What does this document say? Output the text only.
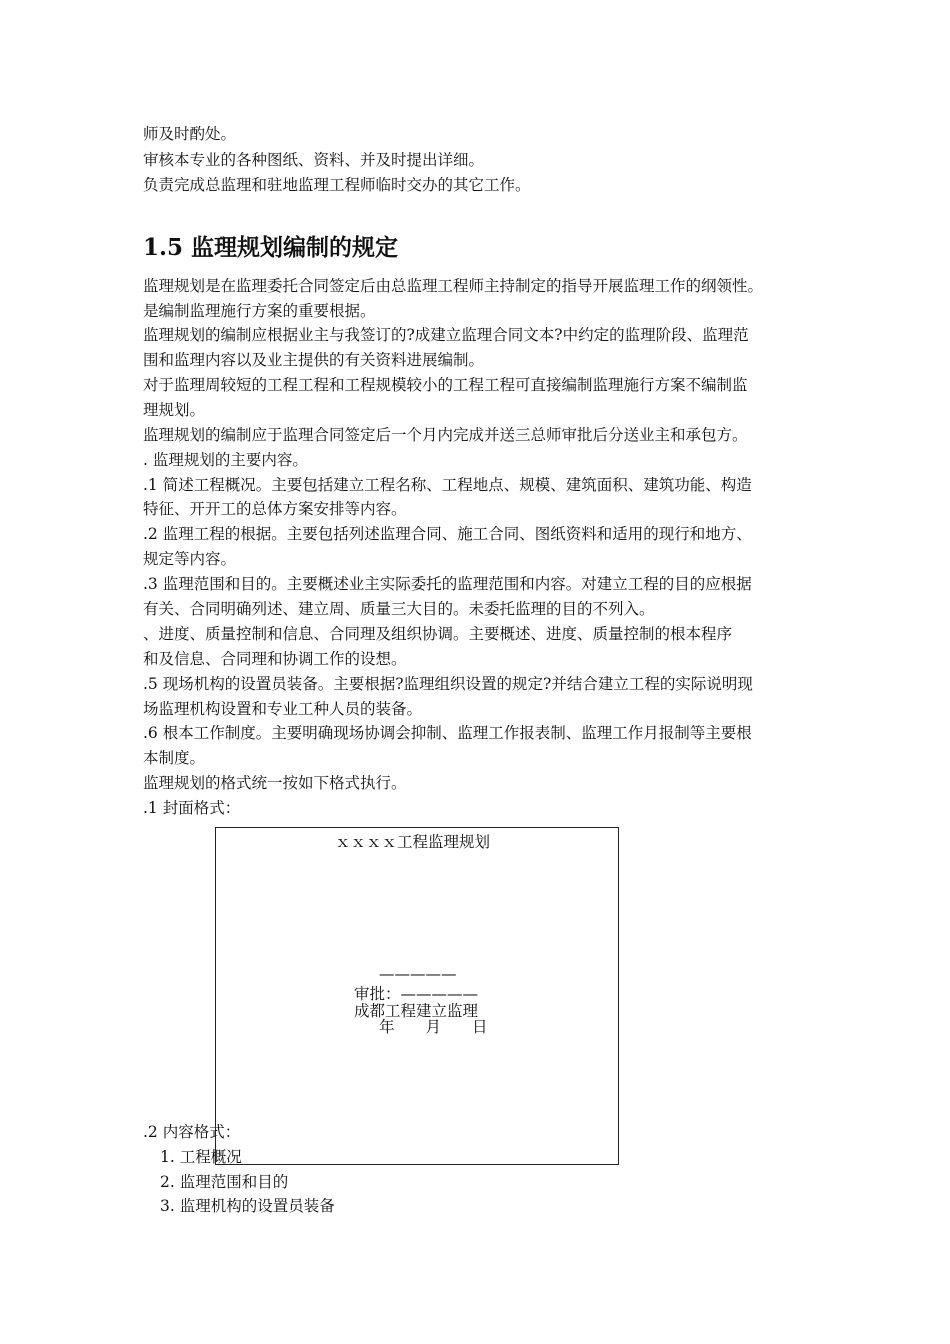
师及时酌处。
审核本专业的各种图纸、资料、并及时提出详细。
负责完成总监理和驻地监理工程师临时交办的其它工作。
1.5 监理规划编制的规定
监理规划是在监理委托合同签定后由总监理工程师主持制定的指导开展监理工作的纲领性。
是编制监理施行方案的重要根据。
监理规划的编制应根据业主与我签订的?成建立监理合同文本?中约定的监理阶段、监理范
围和监理内容以及业主提供的有关资料进展编制。
对于监理周较短的工程工程和工程规模较小的工程工程可直接编制监理施行方案不编制监
理规划。
监理规划的编制应于监理合同签定后一个月内完成并送三总师审批后分送业主和承包方。
. 监理规划的主要内容。
.1 简述工程概况。主要包括建立工程名称、工程地点、规模、建筑面积、建筑功能、构造
特征、开开工的总体方案安排等内容。
.2 监理工程的根据。主要包括列述监理合同、施工合同、图纸资料和适用的现行和地方、
规定等内容。
.3 监理范围和目的。主要概述业主实际委托的监理范围和内容。对建立工程的目的应根据
有关、合同明确列述、建立周、质量三大目的。未委托监理的目的不列入。
、进度、质量控制和信息、合同理及组织协调。主要概述、进度、质量控制的根本程序
和及信息、合同理和协调工作的设想。
.5 现场机构的设置员装备。主要根据?监理组织设置的规定?并结合建立工程的实际说明现
场监理机构设置和专业工种人员的装备。
.6 根本工作制度。主要明确现场协调会抑制、监理工作报表制、监理工作月报制等主要根
本制度。
监理规划的格式统一按如下格式执行。
.1 封面格式：
.2 内容格式：
1. 工程概况
ｘｘｘｘ工程监理规划
—————
审批：—————
成都工程建立监理
年　　月　　日
2. 监理范围和目的
3. 监理机构的设置员装备
